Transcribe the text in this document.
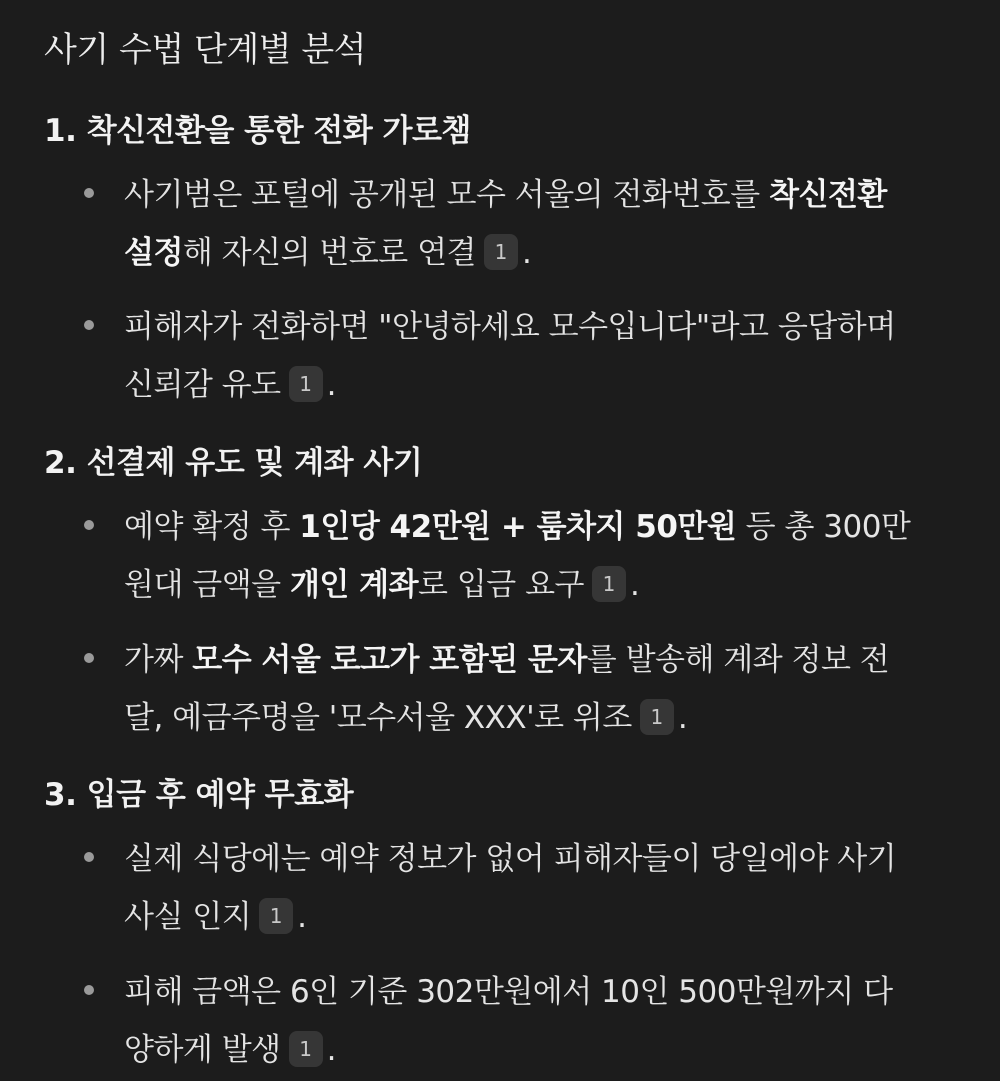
사기 수법 단계별 분석
1. 착신전환을 통한 전화 가로챔
사기범은 포털에 공개된 모수 서울의 전화번호를 착신전환
설정해 자신의 번호로 연결 1 .
피해자가 전화하면 "안녕하세요 모수입니다"라고 응답하며
신뢰감 유도 1 .
2. 선결제 유도 및 계좌 사기
예약 확정 후 1인당 42만원 + 룸차지 50만원 등 총 300만
원대 금액을 개인 계좌로 입금 요구 1 .
가짜 모수 서울 로고가 포함된 문자를 발송해 계좌 정보 전
달, 예금주명을 '모수서울 XXX'로 위조 1 .
3. 입금 후 예약 무효화
실제 식당에는 예약 정보가 없어 피해자들이 당일에야 사기
사실 인지 1 .
피해 금액은 6인 기준 302만원에서 10인 500만원까지 다
양하게 발생 1 .
